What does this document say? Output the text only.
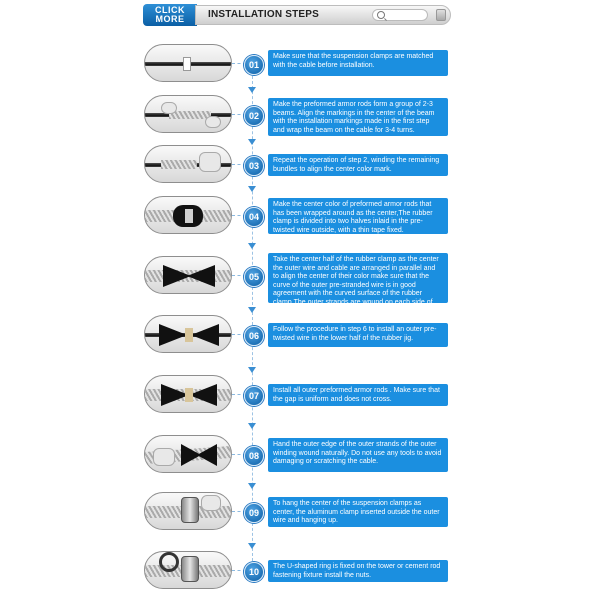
CLICK
MORE	INSTALLATION STEPS
01
Make sure that the suspension clamps are matched with the cable before installation.
02
Make the preformed armor rods form a group of 2-3 beams. Align the markings in the center of the beam with the installation markings made in the first step and wrap the beam on the cable for 3-4 turns.
03
Repeat the operation of step 2, winding the remaining bundles to align the center color mark.
04
Make the center color of preformed armor rods that has been wrapped around as the center,The rubber clamp is divided into two halves inlaid in the pre-twisted wire outside, with a thin tape fixed.
05
Take the center half of the rubber clamp as the center the outer wire and cable are arranged in parallel and to align the center of their color make sure that the curve of the outer pre-stranded wire is in good agreement with the curved surface of the rubber clamp.The outer strands are wound on each side of the rubber jaws for 2-3 turns.
06
Follow the procedure in step 6 to install an outer pre-twisted wire in the lower half of the rubber jig.
07
Install all outer preformed armor rods . Make sure that the gap is uniform and does not cross.
08
Hand the outer edge of the outer strands of the outer winding wound naturally. Do not use any tools to avoid damaging or scratching the cable.
09
To hang the center of the suspension clamps as center, the aluminum clamp inserted outside the outer wire and hanging up.
10
The U-shaped ring is fixed on the tower or cement rod fastening fixture install the nuts.
